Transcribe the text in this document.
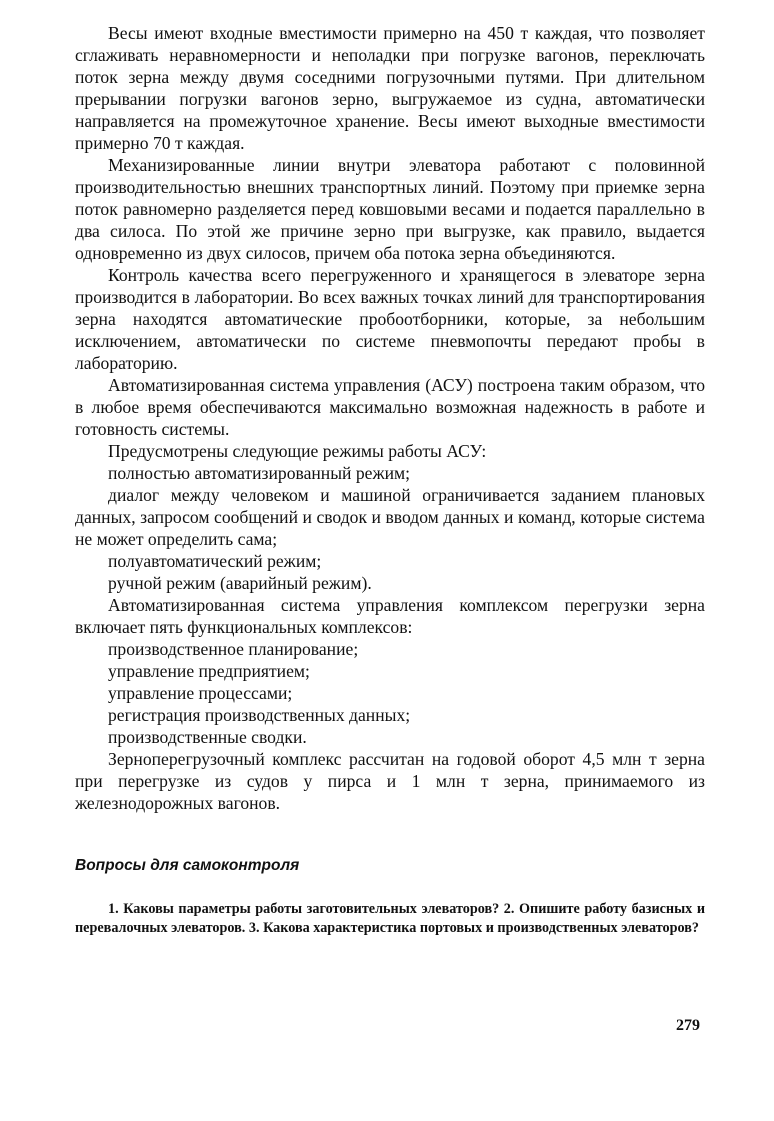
Весы имеют входные вместимости примерно на 450 т каждая, что позволяет сглаживать неравномерности и неполадки при погрузке вагонов, переключать поток зерна между двумя соседними погрузочными путями. При длительном прерывании погрузки вагонов зерно, выгружаемое из судна, автоматически направляется на промежуточное хранение. Весы имеют выходные вместимости примерно 70 т каждая.

Механизированные линии внутри элеватора работают с половинной производительностью внешних транспортных линий. Поэтому при приемке зерна поток равномерно разделяется перед ковшовыми весами и подается параллельно в два силоса. По этой же причине зерно при выгрузке, как правило, выдается одновременно из двух силосов, причем оба потока зерна объединяются.

Контроль качества всего перегруженного и хранящегося в элеваторе зерна производится в лаборатории. Во всех важных точках линий для транспортирования зерна находятся автоматические пробоотборники, которые, за небольшим исключением, автоматически по системе пневмопочты передают пробы в лабораторию.

Автоматизированная система управления (АСУ) построена таким образом, что в любое время обеспечиваются максимально возможная надежность в работе и готовность системы.

Предусмотрены следующие режимы работы АСУ:

полностью автоматизированный режим;

диалог между человеком и машиной ограничивается заданием плановых данных, запросом сообщений и сводок и вводом данных и команд, которые система не может определить сама;

полуавтоматический режим;

ручной режим (аварийный режим).

Автоматизированная система управления комплексом перегрузки зерна включает пять функциональных комплексов:

производственное планирование;

управление предприятием;

управление процессами;

регистрация производственных данных;

производственные сводки.

Зерноперегрузочный комплекс рассчитан на годовой оборот 4,5 млн т зерна при перегрузке из судов у пирса и 1 млн т зерна, принимаемого из железнодорожных вагонов.

Вопросы для самоконтроля

1. Каковы параметры работы заготовительных элеваторов? 2. Опишите работу базисных и перевалочных элеваторов. 3. Какова характеристика портовых и производственных элеваторов?

279
